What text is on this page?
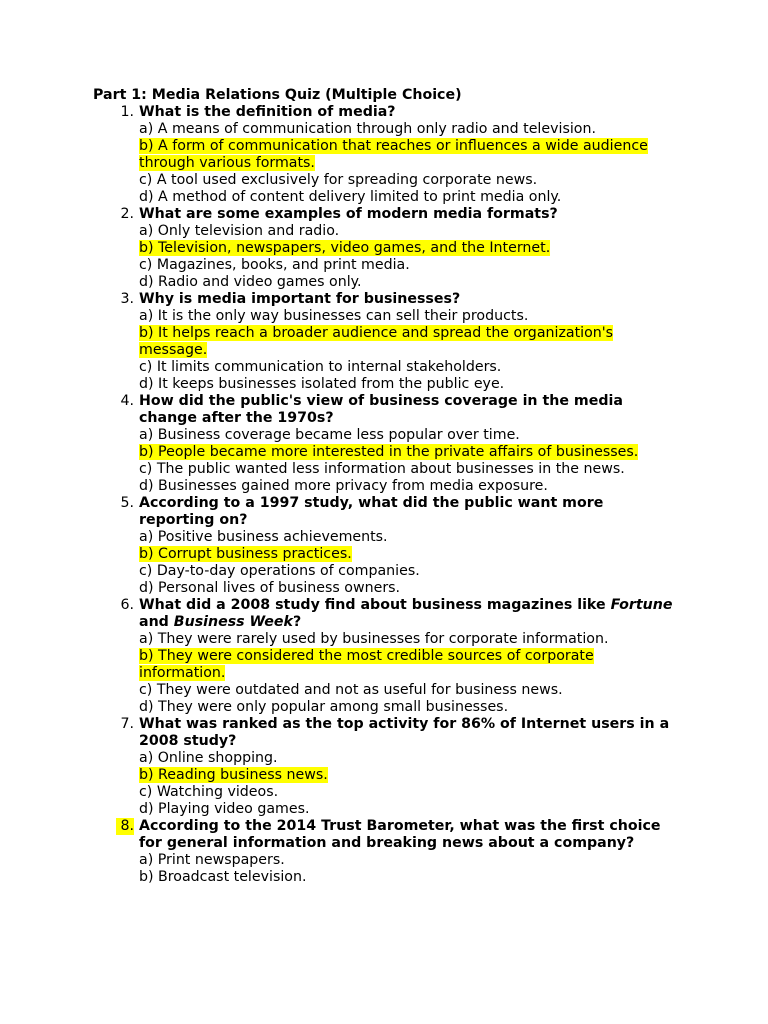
Part 1: Media Relations Quiz (Multiple Choice)
1. What is the definition of media?
a) A means of communication through only radio and television.
b) A form of communication that reaches or influences a wide audience through various formats.
c) A tool used exclusively for spreading corporate news.
d) A method of content delivery limited to print media only.
2. What are some examples of modern media formats?
a) Only television and radio.
b) Television, newspapers, video games, and the Internet.
c) Magazines, books, and print media.
d) Radio and video games only.
3. Why is media important for businesses?
a) It is the only way businesses can sell their products.
b) It helps reach a broader audience and spread the organization's message.
c) It limits communication to internal stakeholders.
d) It keeps businesses isolated from the public eye.
4. How did the public's view of business coverage in the media change after the 1970s?
a) Business coverage became less popular over time.
b) People became more interested in the private affairs of businesses.
c) The public wanted less information about businesses in the news.
d) Businesses gained more privacy from media exposure.
5. According to a 1997 study, what did the public want more reporting on?
a) Positive business achievements.
b) Corrupt business practices.
c) Day-to-day operations of companies.
d) Personal lives of business owners.
6. What did a 2008 study find about business magazines like Fortune and Business Week?
a) They were rarely used by businesses for corporate information.
b) They were considered the most credible sources of corporate information.
c) They were outdated and not as useful for business news.
d) They were only popular among small businesses.
7. What was ranked as the top activity for 86% of Internet users in a 2008 study?
a) Online shopping.
b) Reading business news.
c) Watching videos.
d) Playing video games.
8. According to the 2014 Trust Barometer, what was the first choice for general information and breaking news about a company?
a) Print newspapers.
b) Broadcast television.
